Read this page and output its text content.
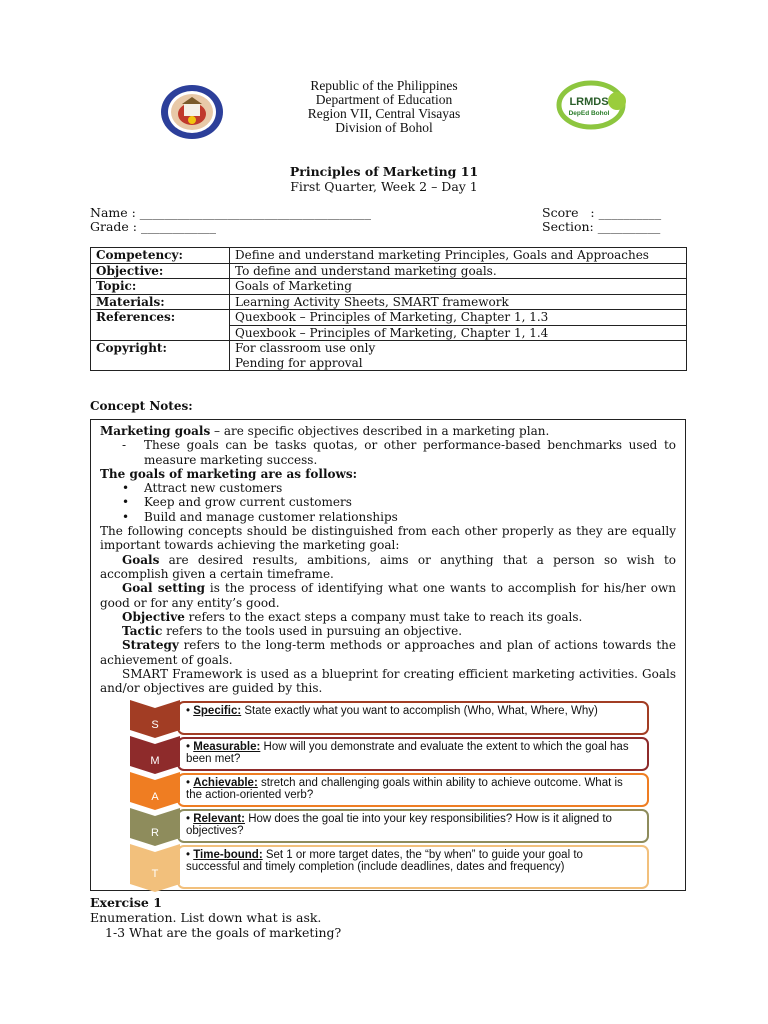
LRMDS
DepEd Bohol
Republic of the Philippines
Department of Education
Region VII, Central Visayas
Division of Bohol
Principles of Marketing 11
First Quarter, Week 2 – Day 1
Name : _____________________________________
Grade : ____________
Score   : __________
Section: __________
Competency:	Define and understand marketing Principles, Goals and Approaches
Objective:	To define and understand marketing goals.
Topic:	Goals of Marketing
Materials:	Learning Activity Sheets, SMART framework
References:	Quexbook – Principles of Marketing, Chapter 1, 1.3
	Quexbook – Principles of Marketing, Chapter 1, 1.4
Copyright:	For classroom use only
Pending for approval
Concept Notes:

Marketing goals – are specific objectives described in a marketing plan.

- These goals can be tasks quotas, or other performance-based benchmarks used to measure marketing success.

The goals of marketing are as follows:

• Attract new customers

• Keep and grow current customers

• Build and manage customer relationships

The following concepts should be distinguished from each other properly as they are equally important towards achieving the marketing goal:

Goals are desired results, ambitions, aims or anything that a person so wish to accomplish given a certain timeframe.

Goal setting is the process of identifying what one wants to accomplish for his/her own good or for any entity’s good.

Objective refers to the exact steps a company must take to reach its goals.

Tactic refers to the tools used in pursuing an objective.

Strategy refers to the long-term methods or approaches and plan of actions towards the achievement of goals.

SMART Framework is used as a blueprint for creating efficient marketing activities. Goals and/or objectives are guided by this.

S
• Specific: State exactly what you want to accomplish (Who, What, Where, Why)
M
• Measurable: How will you demonstrate and evaluate the extent to which the goal has been met?
A
• Achievable: stretch and challenging goals within ability to achieve outcome. What is the action-oriented verb?
R
• Relevant: How does the goal tie into your key responsibilities? How is it aligned to objectives?
T
• Time-bound: Set 1 or more target dates, the “by when” to guide your goal to successful and timely completion (include deadlines, dates and frequency)
Exercise 1
Enumeration. List down what is ask.
1-3 What are the goals of marketing?
